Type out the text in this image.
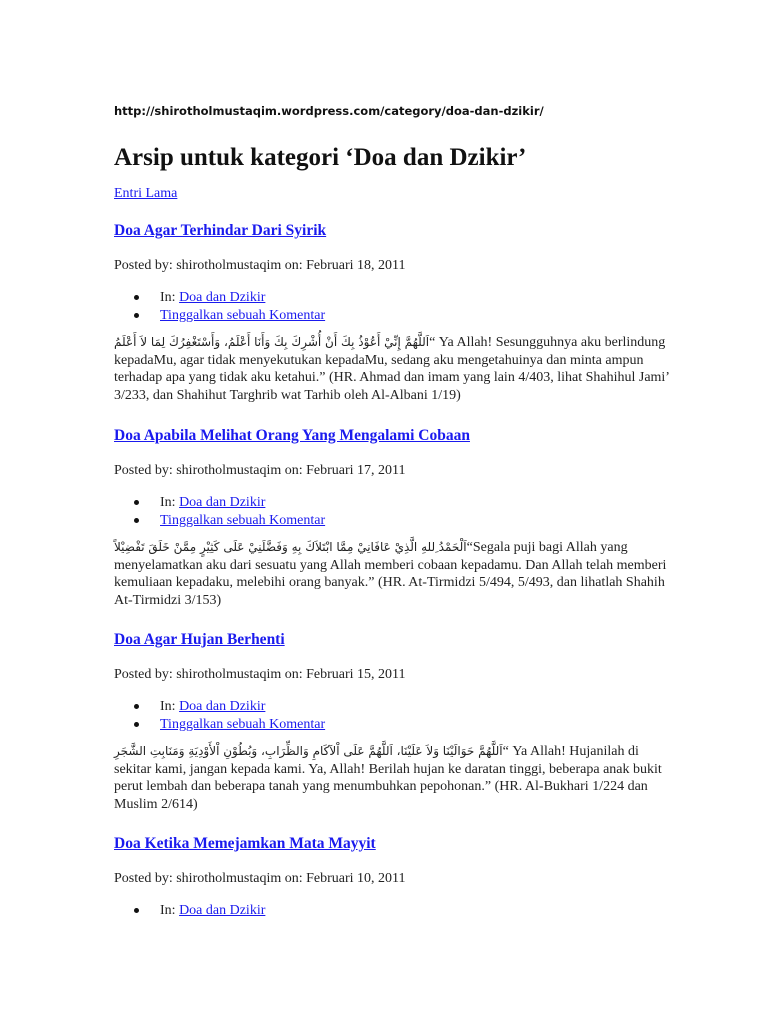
http://shirotholmustaqim.wordpress.com/category/doa-dan-dzikir/
Arsip untuk kategori ‘Doa dan Dzikir’
Entri Lama
Doa Agar Terhindar Dari Syirik
Posted by: shirotholmustaqim on: Februari 18, 2011
In: Doa dan Dzikir
Tinggalkan sebuah Komentar
اَللَّهُمَّ إِنِّيْ أَعُوْذُ بِكَ أَنْ أُشْرِكَ بِكَ وَأَنَا أَعْلَمُ، وَأَسْتَغْفِرُكَ لِمَا لاَ أَعْلَمُ“ Ya Allah! Sesungguhnya aku berlindung kepadaMu, agar tidak menyekutukan kepadaMu, sedang aku mengetahuinya dan minta ampun terhadap apa yang tidak aku ketahui.” (HR. Ahmad dan imam yang lain 4/403, lihat Shahihul Jami’ 3/233, dan Shahihut Targhrib wat Tarhib oleh Al-Albani 1/19)
Doa Apabila Melihat Orang Yang Mengalami Cobaan
Posted by: shirotholmustaqim on: Februari 17, 2011
In: Doa dan Dzikir
Tinggalkan sebuah Komentar
اَلْحَمْدُ ِللهِ الَّذِيْ عَافَانِيْ مِمَّا ابْتَلاَكَ بِهِ وَفَضَّلَنِيْ عَلَى كَثِيْرٍ مِمَّنْ خَلَقَ تَفْضِيْلاً“Segala puji bagi Allah yang menyelamatkan aku dari sesuatu yang Allah memberi cobaan kepadamu. Dan Allah telah memberi kemuliaan kepadaku, melebihi orang banyak.” (HR. At-Tirmidzi 5/494, 5/493, dan lihatlah Shahih At-Tirmidzi 3/153)
Doa Agar Hujan Berhenti
Posted by: shirotholmustaqim on: Februari 15, 2011
In: Doa dan Dzikir
Tinggalkan sebuah Komentar
اَللَّهُمَّ حَوَالَيْنَا وَلاَ عَلَيْنَا، اَللَّهُمَّ عَلَى اْلآكَامِ وَالظِّرَابِ، وَبُطُوْنِ اْلأَوْدِيَةِ وَمَنَابِتِ الشَّجَرِ“ Ya Allah! Hujanilah di sekitar kami, jangan kepada kami. Ya, Allah! Berilah hujan ke daratan tinggi, beberapa anak bukit perut lembah dan beberapa tanah yang menumbuhkan pepohonan.” (HR. Al-Bukhari 1/224 dan Muslim 2/614)
Doa Ketika Memejamkan Mata Mayyit
Posted by: shirotholmustaqim on: Februari 10, 2011
In: Doa dan Dzikir
